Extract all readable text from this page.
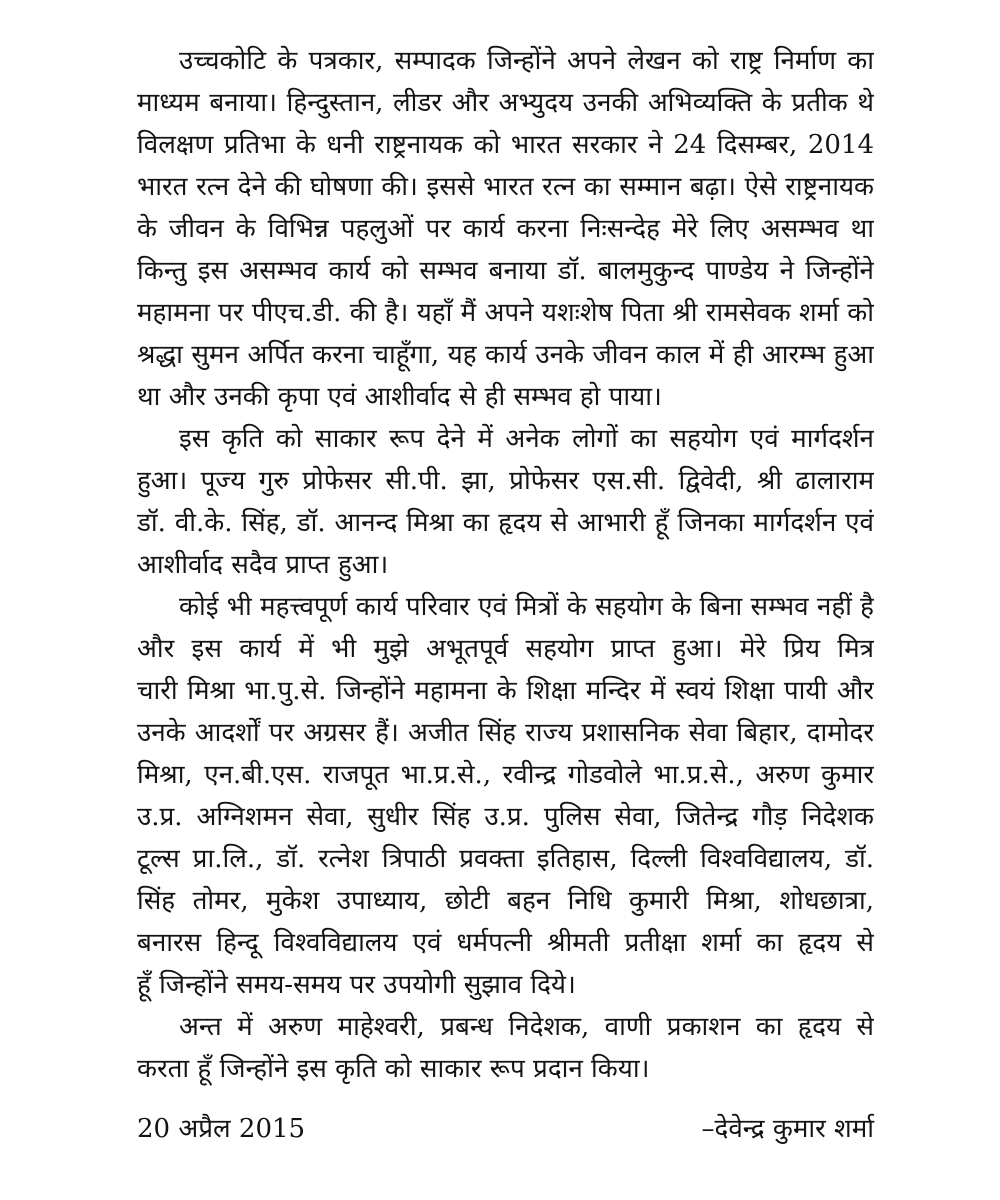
उच्चकोटि के पत्रकार, सम्पादक जिन्होंने अपने लेखन को राष्ट्र निर्माण का
माध्यम बनाया। हिन्दुस्तान, लीडर और अभ्युदय उनकी अभिव्यक्ति के प्रतीक थे
विलक्षण प्रतिभा के धनी राष्ट्रनायक को भारत सरकार ने 24 दिसम्बर, 2014
भारत रत्न देने की घोषणा की। इससे भारत रत्न का सम्मान बढ़ा। ऐसे राष्ट्रनायक
के जीवन के विभिन्न पहलुओं पर कार्य करना निःसन्देह मेरे लिए असम्भव था
किन्तु इस असम्भव कार्य को सम्भव बनाया डॉ. बालमुकुन्द पाण्डेय ने जिन्होंने
महामना पर पीएच.डी. की है। यहाँ मैं अपने यशःशेष पिता श्री रामसेवक शर्मा को
श्रद्धा सुमन अर्पित करना चाहूँगा, यह कार्य उनके जीवन काल में ही आरम्भ हुआ
था और उनकी कृपा एवं आशीर्वाद से ही सम्भव हो पाया।
इस कृति को साकार रूप देने में अनेक लोगों का सहयोग एवं मार्गदर्शन
हुआ। पूज्य गुरु प्रोफेसर सी.पी. झा, प्रोफेसर एस.सी. द्विवेदी, श्री ढालाराम
डॉ. वी.के. सिंह, डॉ. आनन्द मिश्रा का हृदय से आभारी हूँ जिनका मार्गदर्शन एवं
आशीर्वाद सदैव प्राप्त हुआ।
कोई भी महत्त्वपूर्ण कार्य परिवार एवं मित्रों के सहयोग के बिना सम्भव नहीं है
और इस कार्य में भी मुझे अभूतपूर्व सहयोग प्राप्त हुआ। मेरे प्रिय मित्र
चारी मिश्रा भा.पु.से. जिन्होंने महामना के शिक्षा मन्दिर में स्वयं शिक्षा पायी और
उनके आदर्शों पर अग्रसर हैं। अजीत सिंह राज्य प्रशासनिक सेवा बिहार, दामोदर
मिश्रा, एन.बी.एस. राजपूत भा.प्र.से., रवीन्द्र गोडवोले भा.प्र.से., अरुण कुमार
उ.प्र. अग्निशमन सेवा, सुधीर सिंह उ.प्र. पुलिस सेवा, जितेन्द्र गौड़ निदेशक
टूल्स प्रा.लि., डॉ. रत्नेश त्रिपाठी प्रवक्ता इतिहास, दिल्ली विश्वविद्यालय, डॉ.
सिंह तोमर, मुकेश उपाध्याय, छोटी बहन निधि कुमारी मिश्रा, शोधछात्रा,
बनारस हिन्दू विश्वविद्यालय एवं धर्मपत्नी श्रीमती प्रतीक्षा शर्मा का हृदय से
हूँ जिन्होंने समय-समय पर उपयोगी सुझाव दिये।
अन्त में अरुण माहेश्वरी, प्रबन्ध निदेशक, वाणी प्रकाशन का हृदय से
करता हूँ जिन्होंने इस कृति को साकार रूप प्रदान किया।
20 अप्रैल 2015	–देवेन्द्र कुमार शर्मा
